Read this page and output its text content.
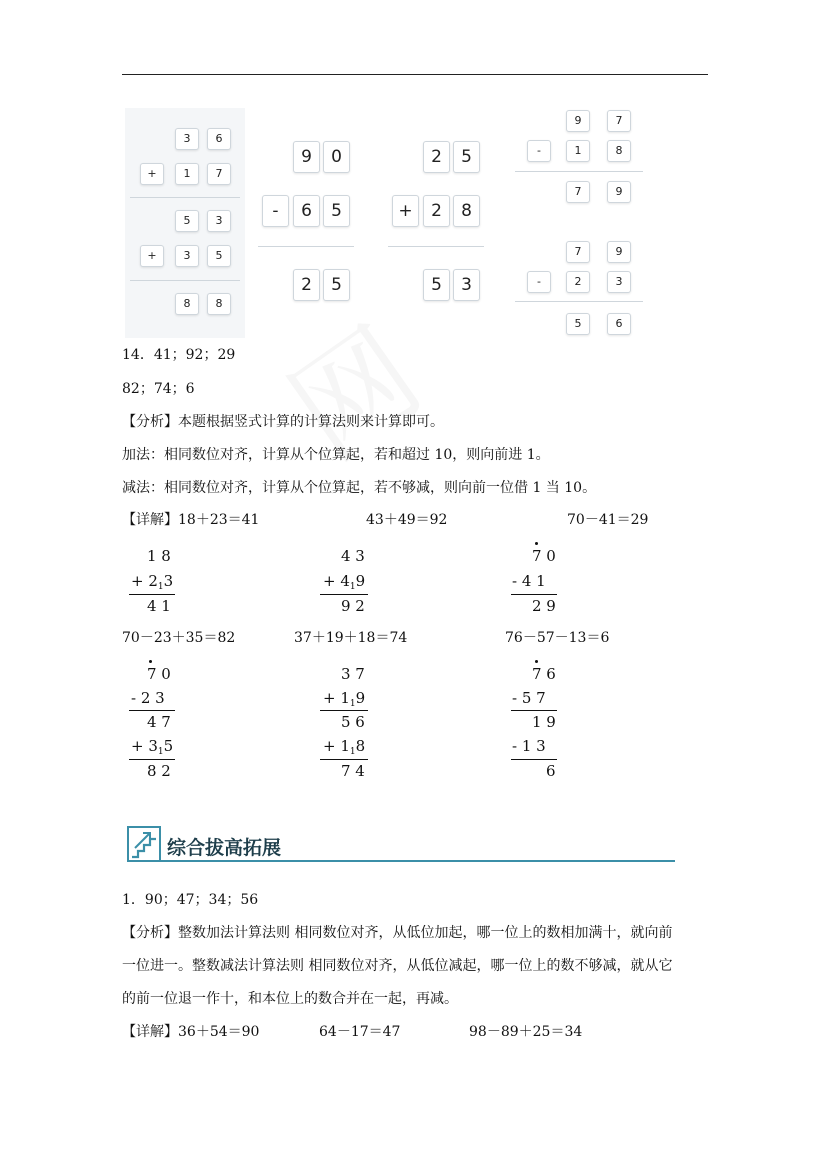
3	6
+	1	7
5	3
+	3	5
8	8
9	0
-	6	5
2	5
2	5
+	2	8
5	3
9	7
-	1	8
7	9
7	9
-	2	3
5	6
14．41；92；29
82；74；6
【分析】本题根据竖式计算的计算法则来计算即可。
加法：相同数位对齐，计算从个位算起，若和超过 10，则向前进 1。
减法：相同数位对齐，计算从个位算起，若不够减，则向前一位借 1 当 10。
【详解】18＋23＝41	43＋49＝92	70－41＝29
1 8
+ $2_13$
4 1
4 3
+ $4_19$
9 2
7 0
- 4 1
2 9
70－23＋35＝82	37＋19＋18＝74	76－57－13＝6
7 0
- 2 3
4 7
+ $3_15$
8 2
3 7
+ $1_19$
5 6
+ $1_18$
7 4
7 6
- 5 7
1 9
- 1 3
6
综合拔高拓展
1．90；47；34；56
【分析】整数加法计算法则 相同数位对齐，从低位加起，哪一位上的数相加满十，就向前
一位进一。整数减法计算法则 相同数位对齐，从低位减起，哪一位上的数不够减，就从它
的前一位退一作十，和本位上的数合并在一起，再减。
【详解】36＋54＝90	64－17＝47	98－89＋25＝34
